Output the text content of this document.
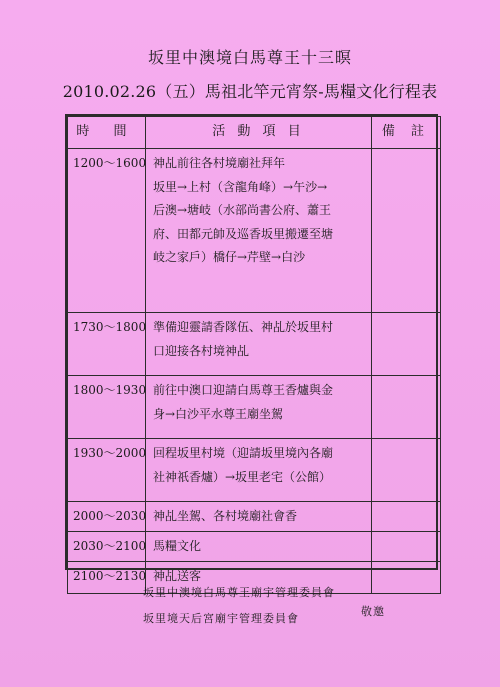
坂里中澳境白馬尊王十三暝
2010.02.26（五）馬祖北竿元宵祭-馬糧文化行程表
時 間	活 動 項 目	備 註
1200～1600	神乩前往各村境廟社拜年
坂里→上村（含龍角峰）→午沙→
后澳→塘岐（水部尚書公府、蕭王
府、田都元帥及巡香坂里搬遷至塘
岐之家戶）橋仔→芹壁→白沙	

1730～1800	準備迎靈請香隊伍、神乩於坂里村
口迎接各村境神乩	

1800～1930	前往中澳口迎請白馬尊王香爐與金
身→白沙平水尊王廟坐駕	

1930～2000	回程坂里村境（迎請坂里境內各廟
社神祇香爐）→坂里老宅（公館）	

2000～2030	神乩坐駕、各村境廟社會香	

2030～2100	馬糧文化	

2100～2130	神乩送客	

坂里中澳境白馬尊王廟宇管理委員會
敬邀
坂里境天后宮廟宇管理委員會
